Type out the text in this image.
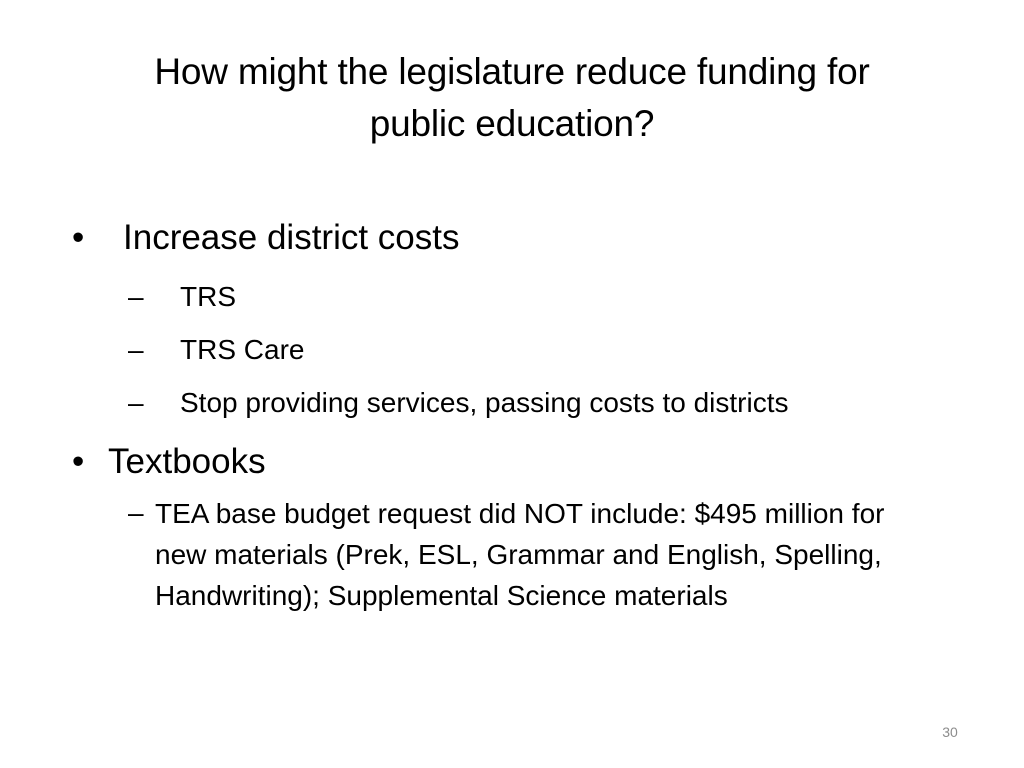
How might the legislature reduce funding for
public education?
• Increase district costs
– TRS
– TRS Care
– Stop providing services, passing costs to districts
• Textbooks
– TEA base budget request did NOT include: $495 million for
new materials (Prek, ESL, Grammar and English, Spelling,
Handwriting); Supplemental Science materials
30
